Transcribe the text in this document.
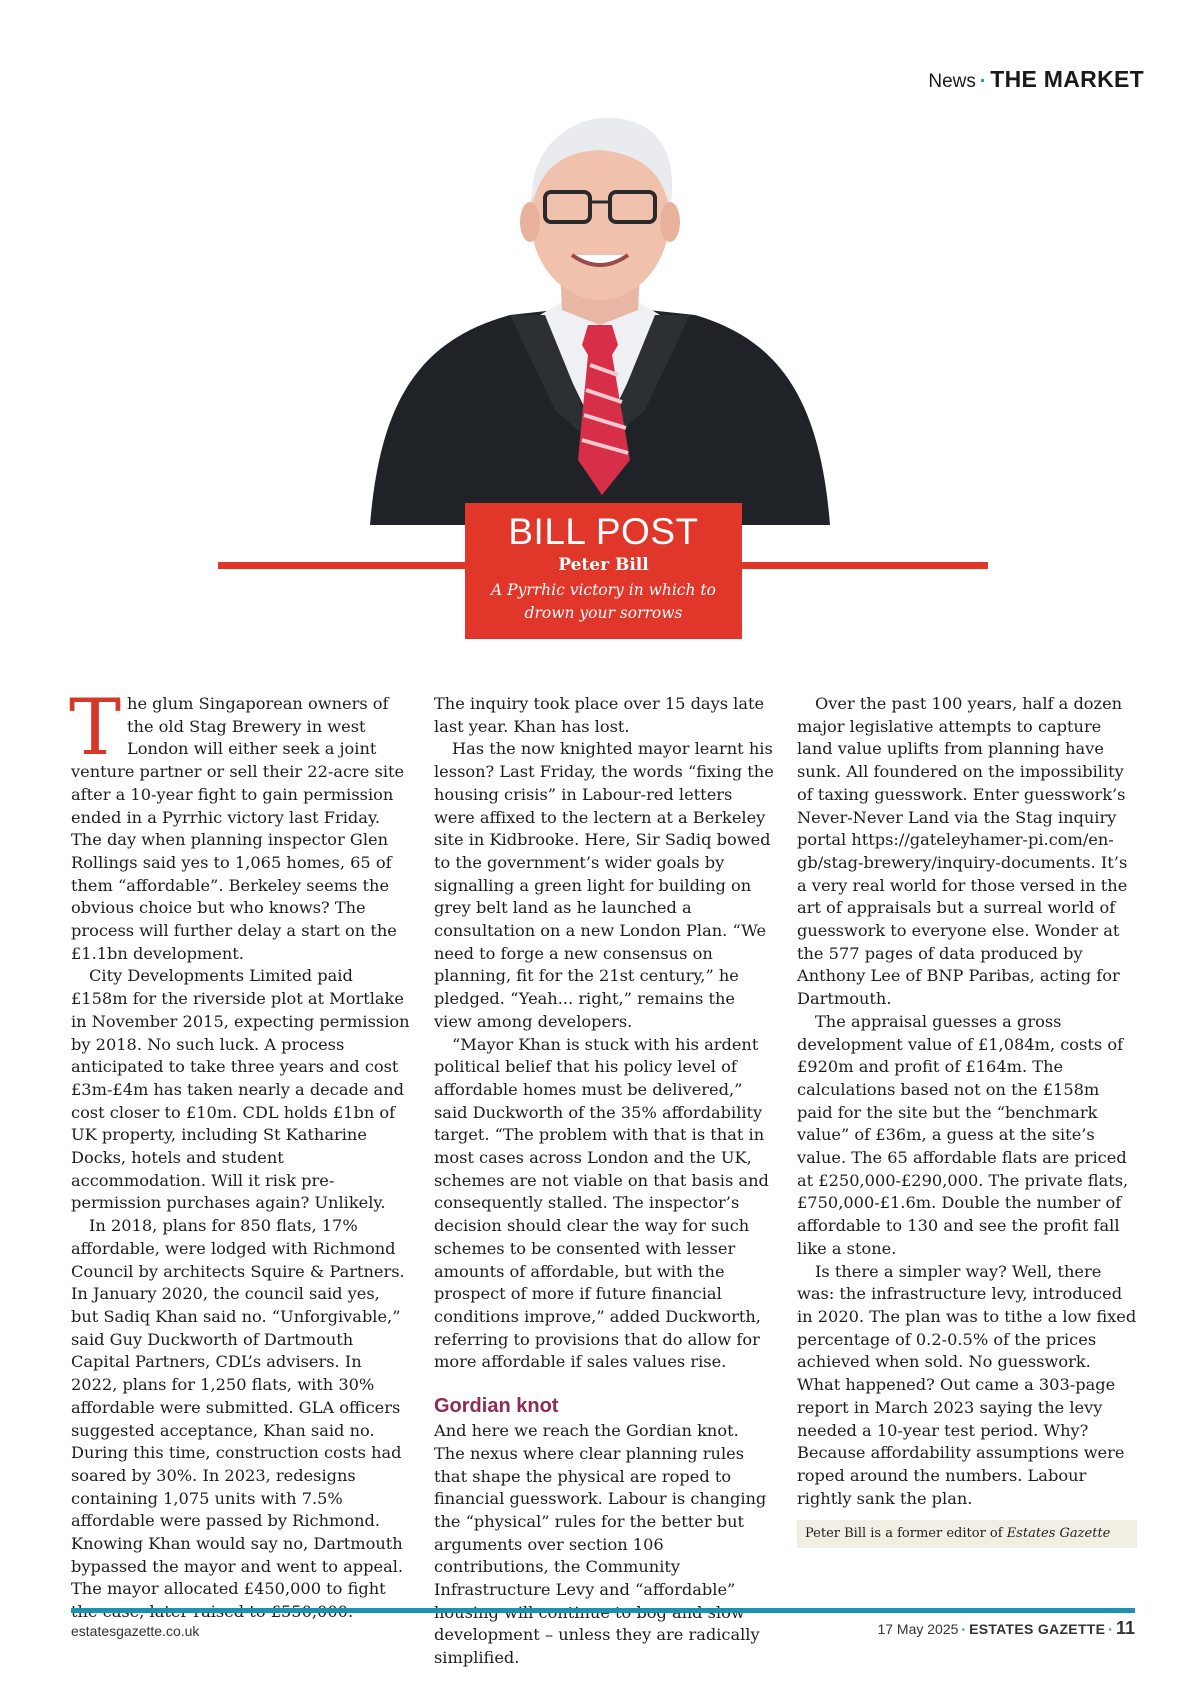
News · THE MARKET
BILL POST
Peter Bill
A Pyrrhic victory in which to
drown your sorrows

The glum Singaporean owners of the old Stag Brewery in west London will either seek a joint venture partner or sell their 22-acre site after a 10-year fight to gain permission ended in a Pyrrhic victory last Friday. The day when planning inspector Glen Rollings said yes to 1,065 homes, 65 of them “affordable”. Berkeley seems the obvious choice but who knows? The process will further delay a start on the £1.1bn development.

City Developments Limited paid £158m for the riverside plot at Mortlake in November 2015, expecting permission by 2018. No such luck. A process anticipated to take three years and cost £3m-£4m has taken nearly a decade and cost closer to £10m. CDL holds £1bn of UK property, including St Katharine Docks, hotels and student accommodation. Will it risk pre-permission purchases again? Unlikely.

In 2018, plans for 850 flats, 17% affordable, were lodged with Richmond Council by architects Squire & Partners. In January 2020, the council said yes, but Sadiq Khan said no. “Unforgivable,” said Guy Duckworth of Dartmouth Capital Partners, CDL’s advisers. In 2022, plans for 1,250 flats, with 30% affordable were submitted. GLA officers suggested acceptance, Khan said no. During this time, construction costs had soared by 30%. In 2023, redesigns containing 1,075 units with 7.5% affordable were passed by Richmond. Knowing Khan would say no, Dartmouth bypassed the mayor and went to appeal. The mayor allocated £450,000 to fight

The inquiry took place over 15 days late last year. Khan has lost.

Has the now knighted mayor learnt his lesson? Last Friday, the words “fixing the housing crisis” in Labour-red letters were affixed to the lectern at a Berkeley site in Kidbrooke. Here, Sir Sadiq bowed to the government’s wider goals by signalling a green light for building on grey belt land as he launched a consultation on a new London Plan. “We need to forge a new consensus on planning, fit for the 21st century,” he pledged. “Yeah... right,” remains the view among developers.

“Mayor Khan is stuck with his ardent political belief that his policy level of affordable homes must be delivered,” said Duckworth of the 35% affordability target. “The problem with that is that in most cases across London and the UK, schemes are not viable on that basis and consequently stalled. The inspector’s decision should clear the way for such schemes to be consented with lesser amounts of affordable, but with the prospect of more if future financial conditions improve,” added Duckworth, referring to provisions that do allow for more affordable if sales values rise.

Gordian knot

And here we reach the Gordian knot. The nexus where clear planning rules that shape the physical are roped to financial guesswork. Labour is changing the “physical” rules for the better but arguments over section 106 contributions, the Community Infrastructure Levy and “affordable” development – unless they are radically simplified.

Over the past 100 years, half a dozen major legislative attempts to capture land value uplifts from planning have sunk. All foundered on the impossibility of taxing guesswork. Enter guesswork’s Never-Never Land via the Stag inquiry portal https://gateleyhamer-pi.com/en-gb/stag-brewery/inquiry-documents. It’s a very real world for those versed in the art of appraisals but a surreal world of guesswork to everyone else. Wonder at the 577 pages of data produced by Anthony Lee of BNP Paribas, acting for Dartmouth.

The appraisal guesses a gross development value of £1,084m, costs of £920m and profit of £164m. The calculations based not on the £158m paid for the site but the “benchmark value” of £36m, a guess at the site’s value. The 65 affordable flats are priced at £250,000-£290,000. The private flats, £750,000-£1.6m. Double the number of affordable to 130 and see the profit fall like a stone.

Is there a simpler way? Well, there was: the infrastructure levy, introduced in 2020. The plan was to tithe a low fixed percentage of 0.2-0.5% of the prices achieved when sold. No guesswork. What happened? Out came a 303-page report in March 2023 saying the levy needed a 10-year test period. Why? Because affordability assumptions were roped around the numbers. Labour rightly sank the plan.

Peter Bill is a former editor of Estates Gazette
estatesgazette.co.uk	17 May 2025 · ESTATES GAZETTE · 11
